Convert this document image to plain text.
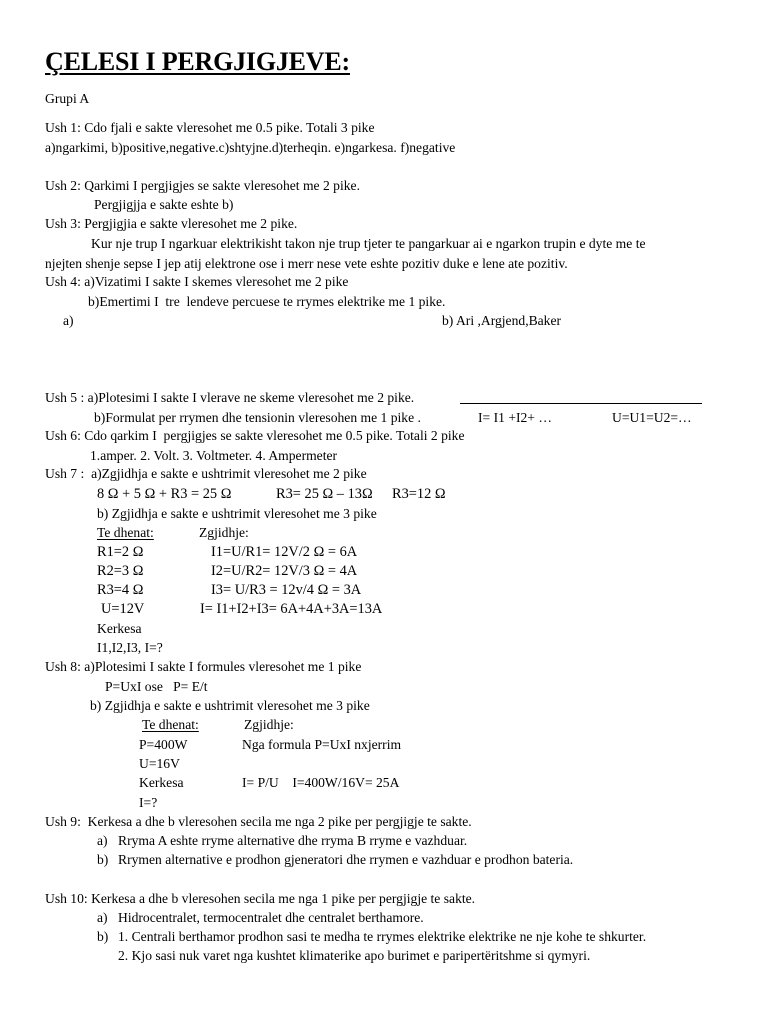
ÇELESI I PERGJIGJEVE:
Grupi A
Ush 1: Cdo fjali e sakte vleresohet me 0.5 pike. Totali 3 pike
a)ngarkimi, b)positive,negative.c)shtyjne.d)terheqin. e)ngarkesa. f)negative
Ush 2: Qarkimi I pergjigjes se sakte vleresohet me 2 pike.
Pergjigjja e sakte eshte b)
Ush 3: Pergjigjia e sakte vleresohet me 2 pike.
Kur nje trup I ngarkuar elektrikisht takon nje trup tjeter te pangarkuar ai e ngarkon trupin e dyte me te
njejten shenje sepse I jep atij elektrone ose i merr nese vete eshte pozitiv duke e lene ate pozitiv.
Ush 4: a)Vizatimi I sakte I skemes vleresohet me 2 pike
b)Emertimi I  tre  lendeve percuese te rrymes elektrike me 1 pike.
a)	b) Ari ,Argjend,Baker
Ush 5 : a)Plotesimi I sakte I vlerave ne skeme vleresohet me 2 pike.
b)Formulat per rrymen dhe tensionin vleresohen me 1 pike .	I= I1 +I2+ …	U=U1=U2=…
Ush 6: Cdo qarkim I  pergjigjes se sakte vleresohet me 0.5 pike. Totali 2 pike
1.amper. 2. Volt. 3. Voltmeter. 4. Ampermeter
Ush 7 :  a)Zgjidhja e sakte e ushtrimit vleresohet me 2 pike
8 Ω + 5 Ω + R3 = 25 Ω	R3= 25 Ω – 13Ω R3=12 Ω
b) Zgjidhja e sakte e ushtrimit vleresohet me 3 pike
Te dhenat:	Zgjidhje:
R1=2 Ω	I1=U/R1= 12V/2 Ω = 6A
R2=3 Ω	I2=U/R2= 12V/3 Ω = 4A
R3=4 Ω	I3= U/R3 = 12v/4 Ω = 3A
U=12V	I= I1+I2+I3= 6A+4A+3A=13A
Kerkesa
I1,I2,I3, I=?
Ush 8: a)Plotesimi I sakte I formules vleresohet me 1 pike
P=UxI ose   P= E/t
b) Zgjidhja e sakte e ushtrimit vleresohet me 3 pike
Te dhenat:	Zgjidhje:
P=400W	Nga formula P=UxI nxjerrim
U=16V
Kerkesa	I= P/U    I=400W/16V= 25A
I=?
Ush 9:  Kerkesa a dhe b vleresohen secila me nga 2 pike per pergjigje te sakte.
a) Rryma A eshte rryme alternative dhe rryma B rryme e vazhduar.
b) Rrymen alternative e prodhon gjeneratori dhe rrymen e vazhduar e prodhon bateria.
Ush 10: Kerkesa a dhe b vleresohen secila me nga 1 pike per pergjigje te sakte.
a) Hidrocentralet, termocentralet dhe centralet berthamore.
b) 1. Centrali berthamor prodhon sasi te medha te rrymes elektrike elektrike ne nje kohe te shkurter.
2. Kjo sasi nuk varet nga kushtet klimaterike apo burimet e paripertëritshme si qymyri.
